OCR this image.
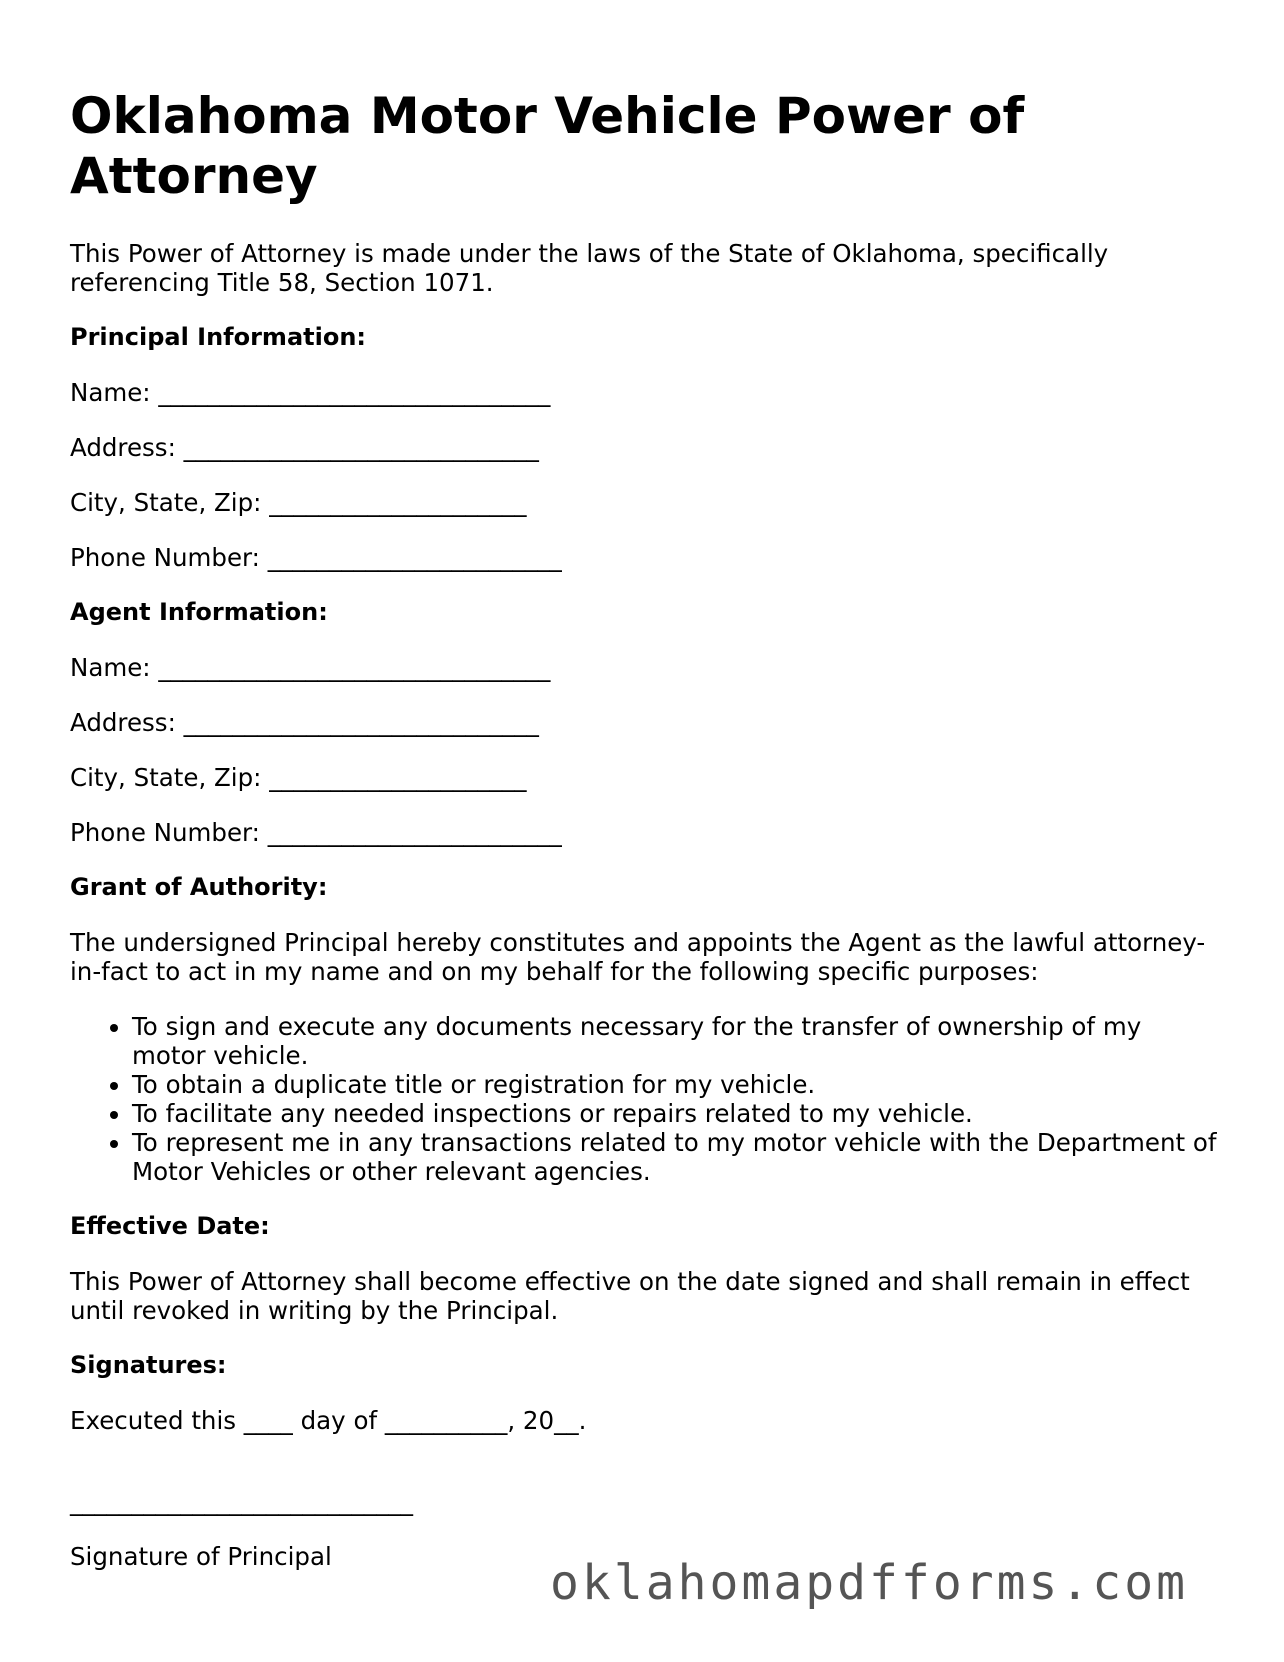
Oklahoma Motor Vehicle Power of Attorney

This Power of Attorney is made under the laws of the State of Oklahoma, specifically referencing Title 58, Section 1071.

Principal Information:
Name: ________________________________
Address: _____________________________
City, State, Zip: _____________________
Phone Number: ________________________
Agent Information:
Name: ________________________________
Address: _____________________________
City, State, Zip: _____________________
Phone Number: ________________________
Grant of Authority:

The undersigned Principal hereby constitutes and appoints the Agent as the lawful attorney-in-fact to act in my name and on my behalf for the following specific purposes:

• To sign and execute any documents necessary for the transfer of ownership of my motor vehicle.
• To obtain a duplicate title or registration for my vehicle.
• To facilitate any needed inspections or repairs related to my vehicle.
• To represent me in any transactions related to my motor vehicle with the Department of Motor Vehicles or other relevant agencies.
Effective Date:

This Power of Attorney shall become effective on the date signed and shall remain in effect until revoked in writing by the Principal.

Signatures:
Executed this ____ day of __________, 20__.
____________________________
Signature of Principal	oklahomapdfforms.com
